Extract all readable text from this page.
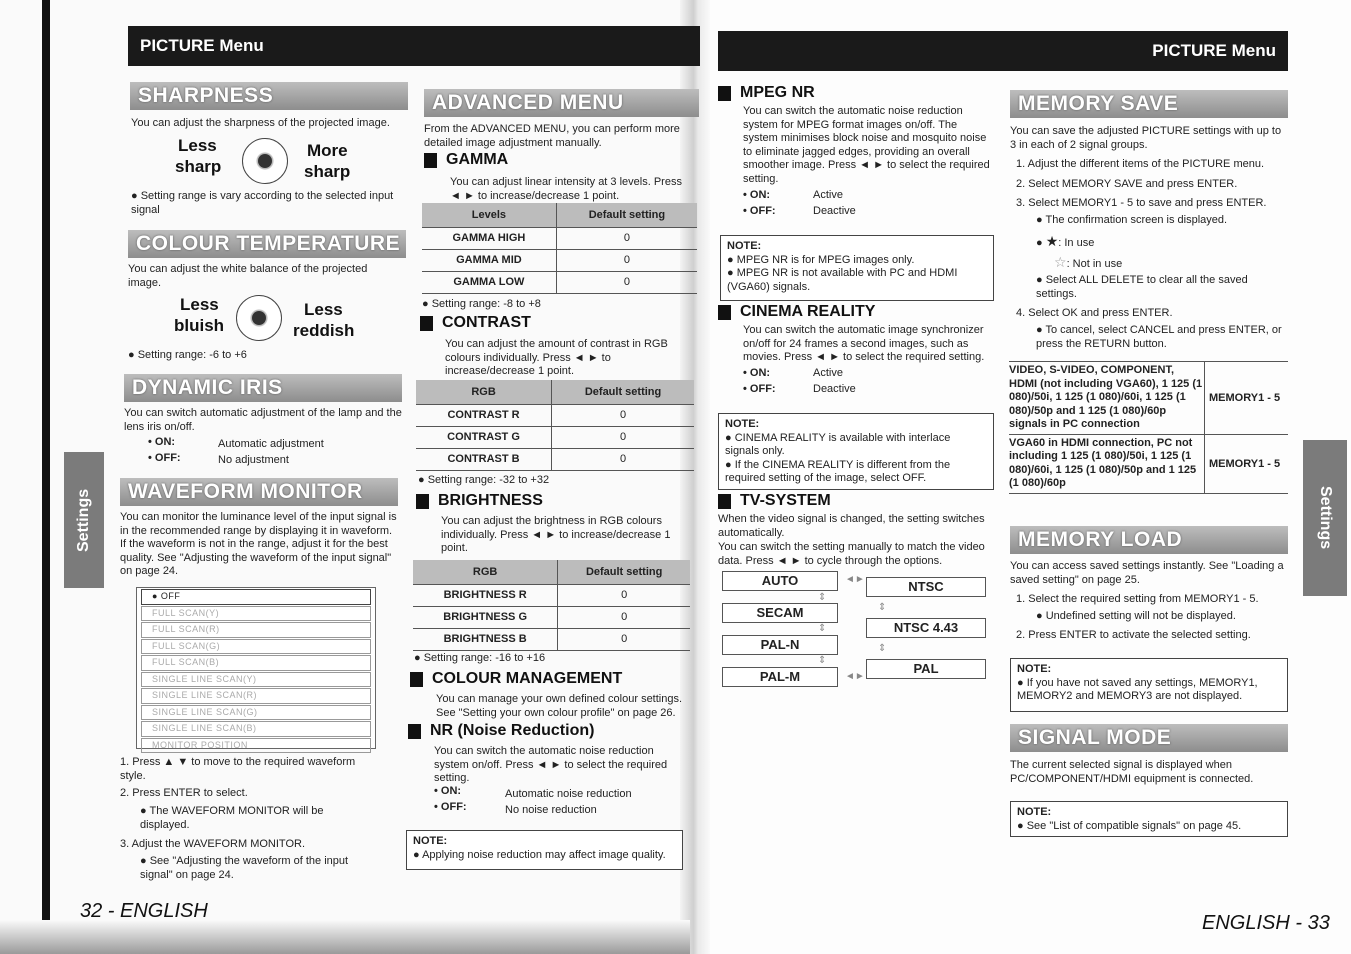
PICTURE Menu	PICTURE Menu
Settings	Settings
SHARPNESS
You can adjust the sharpness of the projected image.
Less
sharp
More
sharp
● Setting range is vary according to the selected input signal
COLOUR TEMPERATURE
You can adjust the white balance of the projected image.
Less
bluish
Less
reddish
● Setting range: -6 to +6
DYNAMIC IRIS
You can switch automatic adjustment of the lamp and the lens iris on/off.
• ON:	Automatic adjustment
• OFF:	No adjustment
WAVEFORM MONITOR
You can monitor the luminance level of the input signal is in the recommended range by displaying it in waveform. If the waveform is not in the range, adjust it for the best quality. See "Adjusting the waveform of the input signal" on page 24.
● OFF
FULL SCAN(Y)
FULL SCAN(R)
FULL SCAN(G)
FULL SCAN(B)
SINGLE LINE SCAN(Y)
SINGLE LINE SCAN(R)
SINGLE LINE SCAN(G)
SINGLE LINE SCAN(B)
MONITOR POSITION
1. Press ▲ ▼ to move to the required waveform style.
2. Press ENTER to select.
● The WAVEFORM MONITOR will be displayed.
3. Adjust the WAVEFORM MONITOR.
● See "Adjusting the waveform of the input signal" on page 24.
ADVANCED MENU
From the ADVANCED MENU, you can perform more detailed image adjustment manually.
GAMMA
You can adjust linear intensity at 3 levels. Press ◄ ► to increase/decrease 1 point.
Levels	Default setting
GAMMA HIGH	0
GAMMA MID	0
GAMMA LOW	0
● Setting range: -8 to +8
CONTRAST
You can adjust the amount of contrast in RGB colours individually. Press ◄ ► to increase/decrease 1 point.
RGB	Default setting
CONTRAST R	0
CONTRAST G	0
CONTRAST B	0
● Setting range: -32 to +32
BRIGHTNESS
You can adjust the brightness in RGB colours individually. Press ◄ ► to increase/decrease 1 point.
RGB	Default setting
BRIGHTNESS R	0
BRIGHTNESS G	0
BRIGHTNESS B	0
● Setting range: -16 to +16
COLOUR MANAGEMENT
You can manage your own defined colour settings. See "Setting your own colour profile" on page 26.
NR (Noise Reduction)
You can switch the automatic noise reduction system on/off. Press ◄ ► to select the required setting.
• ON:	Automatic noise reduction
• OFF:	No noise reduction
NOTE:
● Applying noise reduction may affect image quality.
MPEG NR
You can switch the automatic noise reduction system for MPEG format images on/off. The system minimises block noise and mosquito noise to eliminate jagged edges, providing an overall smoother image. Press ◄ ► to select the required setting.
• ON:	Active
• OFF:	Deactive
NOTE:
● MPEG NR is for MPEG images only.
● MPEG NR is not available with PC and HDMI (VGA60) signals.
CINEMA REALITY
You can switch the automatic image synchronizer on/off for 24 frames a second images, such as movies. Press ◄ ► to select the required setting.
• ON:	Active
• OFF:	Deactive
NOTE:
● CINEMA REALITY is available with interlace signals only.
● If the CINEMA REALITY is different from the required setting of the image, select OFF.
TV-SYSTEM
When the video signal is changed, the setting switches automatically.
You can switch the setting manually to match the video data. Press ◄ ► to cycle through the options.
AUTO
SECAM
PAL-N
PAL-M
NTSC
NTSC 4.43
PAL
◄►
⇕
⇕
⇕
⇕
⇕
◄►
MEMORY SAVE
You can save the adjusted PICTURE settings with up to 3 in each of 2 signal groups.
1. Adjust the different items of the PICTURE menu.
2. Select MEMORY SAVE and press ENTER.
3. Select MEMORY1 - 5 to save and press ENTER.
● The confirmation screen is displayed.
● ★: In use
☆: Not in use
● Select ALL DELETE to clear all the saved settings.
4. Select OK and press ENTER.
● To cancel, select CANCEL and press ENTER, or press the RETURN button.
VIDEO, S-VIDEO, COMPONENT, HDMI (not including VGA60), 1 125 (1 080)/50i, 1 125 (1 080)/60i, 1 125 (1 080)/50p and 1 125 (1 080)/60p signals in PC connection
MEMORY1 - 5
VGA60 in HDMI connection, PC not including 1 125 (1 080)/50i, 1 125 (1 080)/60i, 1 125 (1 080)/50p and 1 125 (1 080)/60p
MEMORY1 - 5
MEMORY LOAD
You can access saved settings instantly. See "Loading a saved setting" on page 25.
1. Select the required setting from MEMORY1 - 5.
● Undefined setting will not be displayed.
2. Press ENTER to activate the selected setting.
NOTE:
● If you have not saved any settings, MEMORY1, MEMORY2 and MEMORY3 are not displayed.
SIGNAL MODE
The current selected signal is displayed when PC/COMPONENT/HDMI equipment is connected.
NOTE:
● See "List of compatible signals" on page 45.
32 - ENGLISH
ENGLISH - 33
